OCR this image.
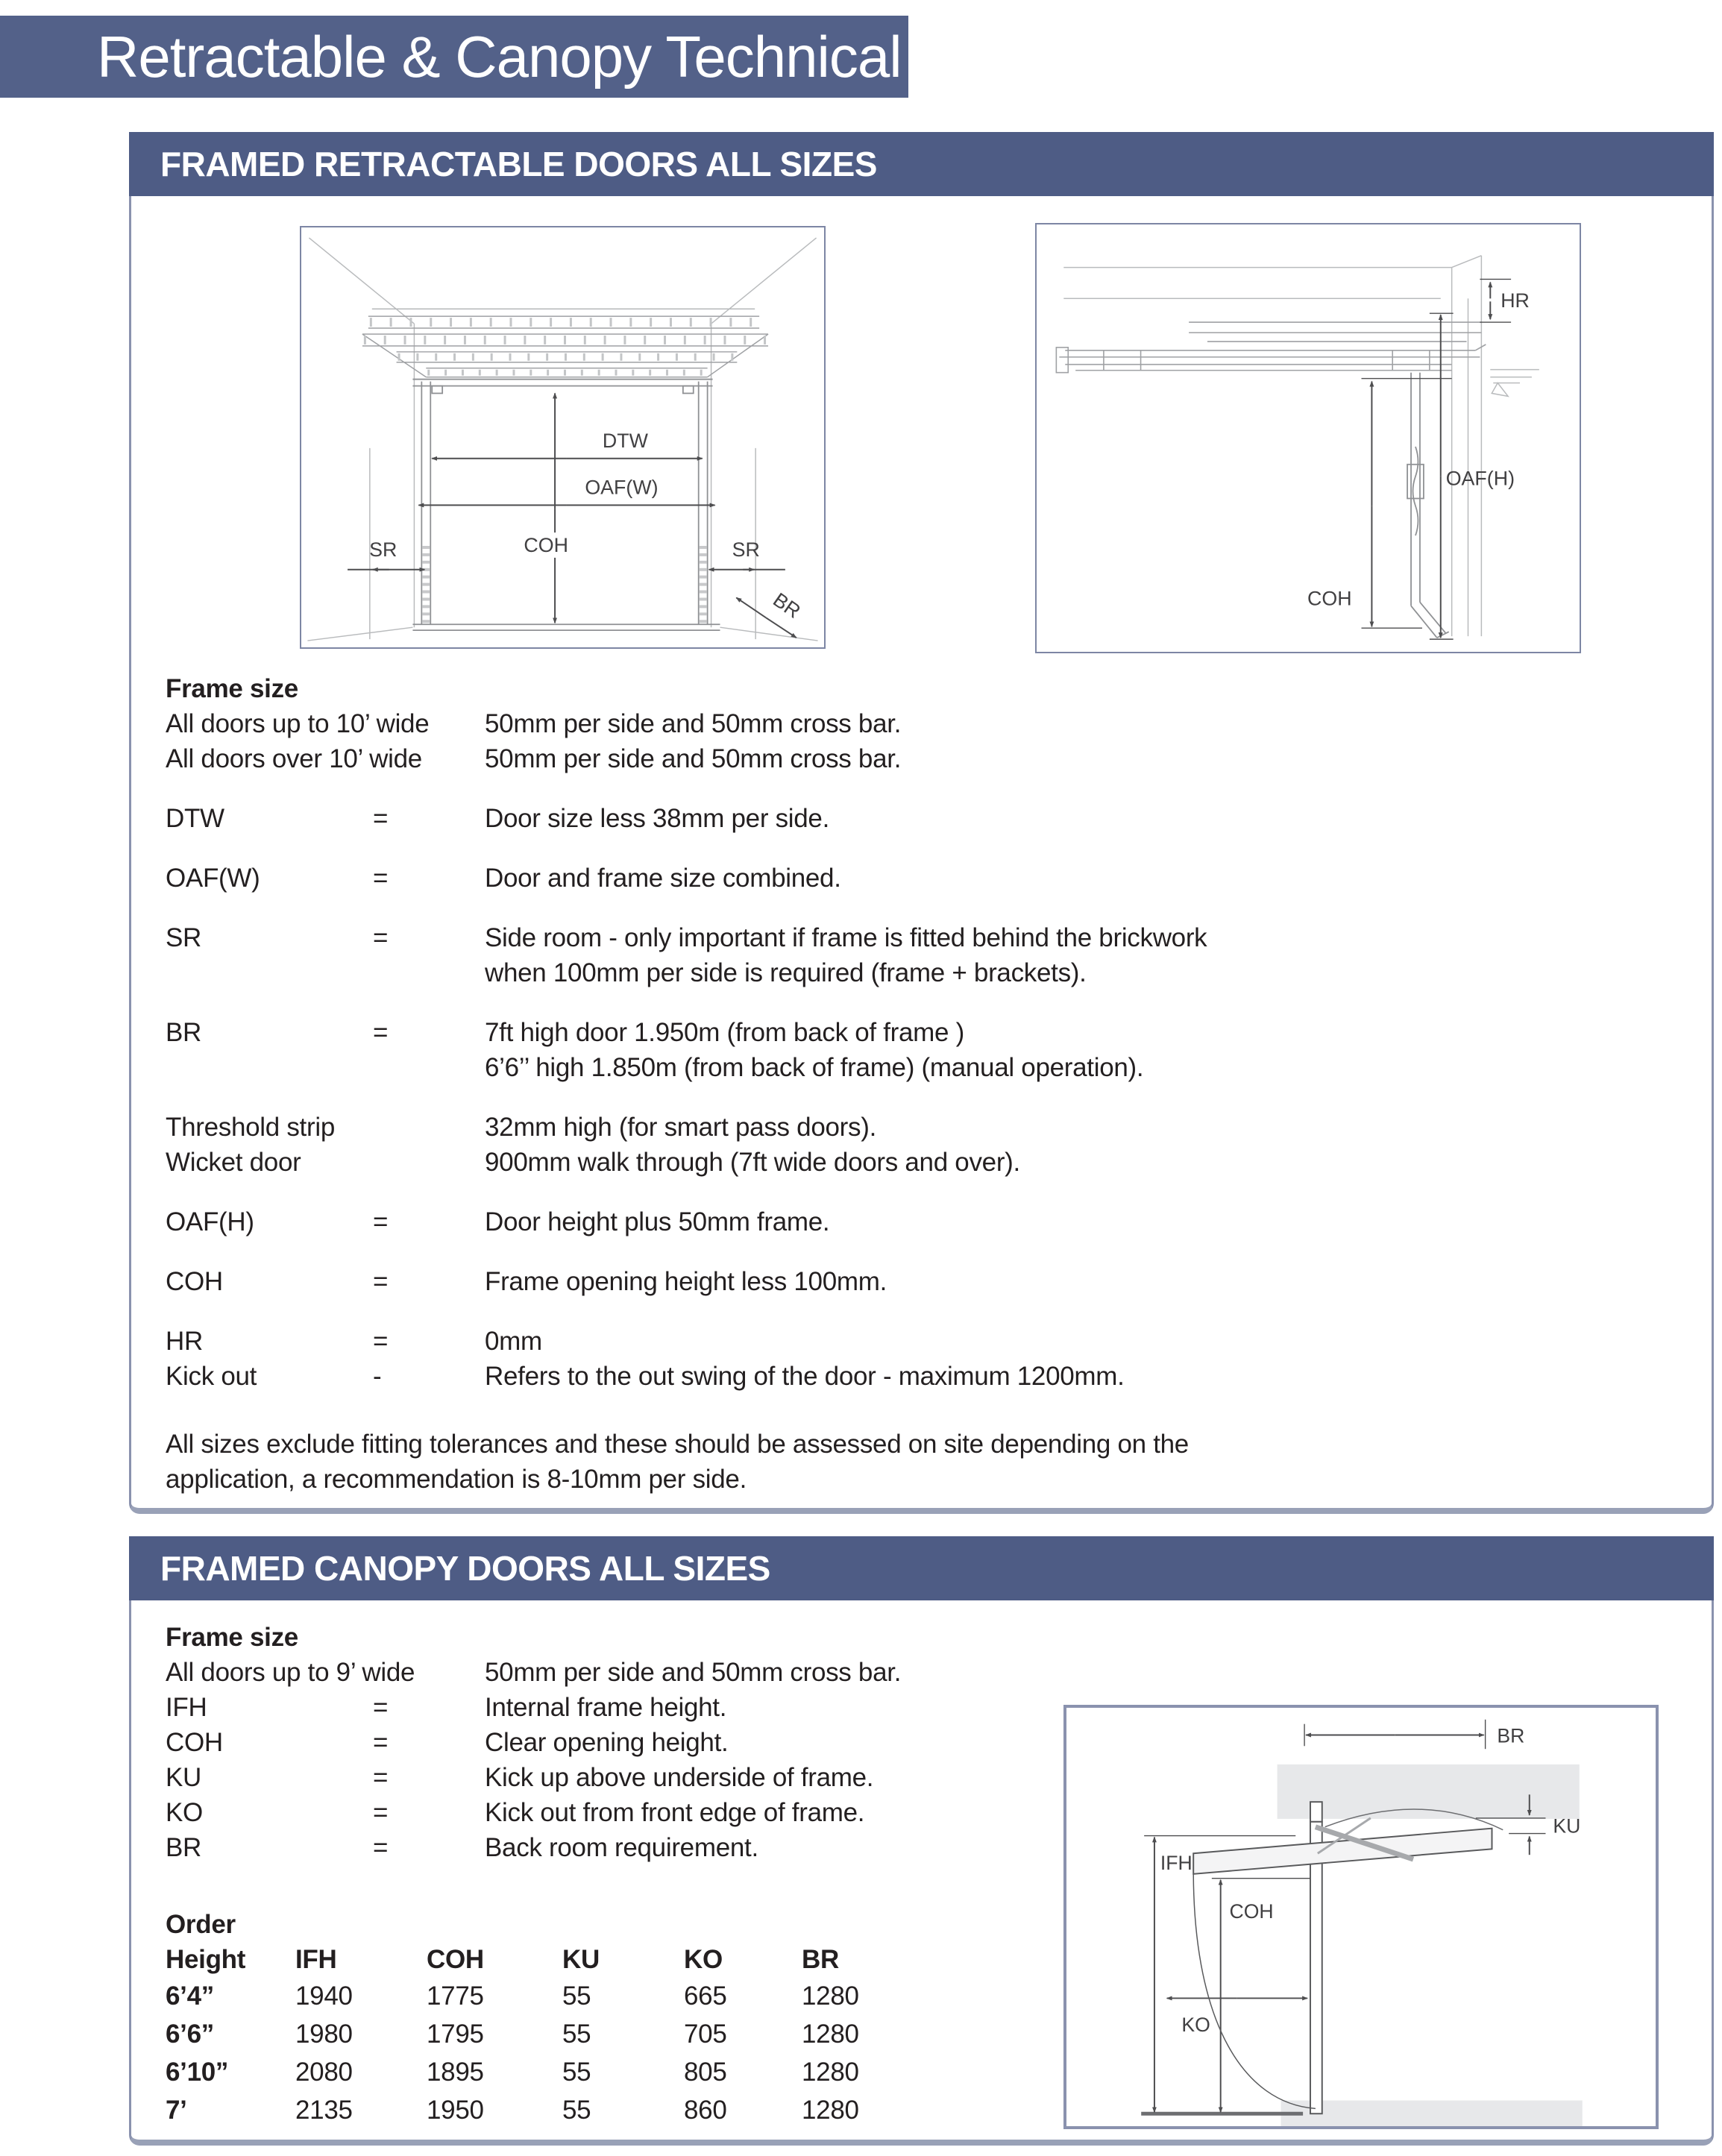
Retractable & Canopy Technical
FRAMED RETRACTABLE DOORS ALL SIZES
DTW
OAF(W)
COH
SR	SR
BR
HR
OAF(H)
COH
Frame size
All doors up to 10’ wide	50mm per side and 50mm cross bar.
All doors over 10’ wide	50mm per side and 50mm cross bar.
DTW	=	Door size less 38mm per side.
OAF(W)	=	Door and frame size combined.
SR	=	Side room - only important if frame is fitted behind the brickwork
when 100mm per side is required (frame + brackets).
BR	=	7ft high door 1.950m (from back of frame )
6’6’’ high 1.850m (from back of frame) (manual operation).
Threshold strip	32mm high (for smart pass doors).
Wicket door	900mm walk through (7ft wide doors and over).
OAF(H)	=	Door height plus 50mm frame.
COH	=	Frame opening height less 100mm.
HR	=	0mm
Kick out	-	Refers to the out swing of the door - maximum 1200mm.
All sizes exclude fitting tolerances and these should be assessed on site depending on the
application, a recommendation is 8-10mm per side.
FRAMED CANOPY DOORS ALL SIZES
BR
KU
IFH
COH
KO
Frame size
All doors up to 9’ wide	50mm per side and 50mm cross bar.
IFH	=	Internal frame height.
COH	=	Clear opening height.
KU	=	Kick up above underside of frame.
KO	=	Kick out from front edge of frame.
BR	=	Back room requirement.
Order
Height	IFH	COH	KU	KO	BR
6’4”	1940	1775	55	665	1280
6’6”	1980	1795	55	705	1280
6’10”	2080	1895	55	805	1280
7’	2135	1950	55	860	1280
